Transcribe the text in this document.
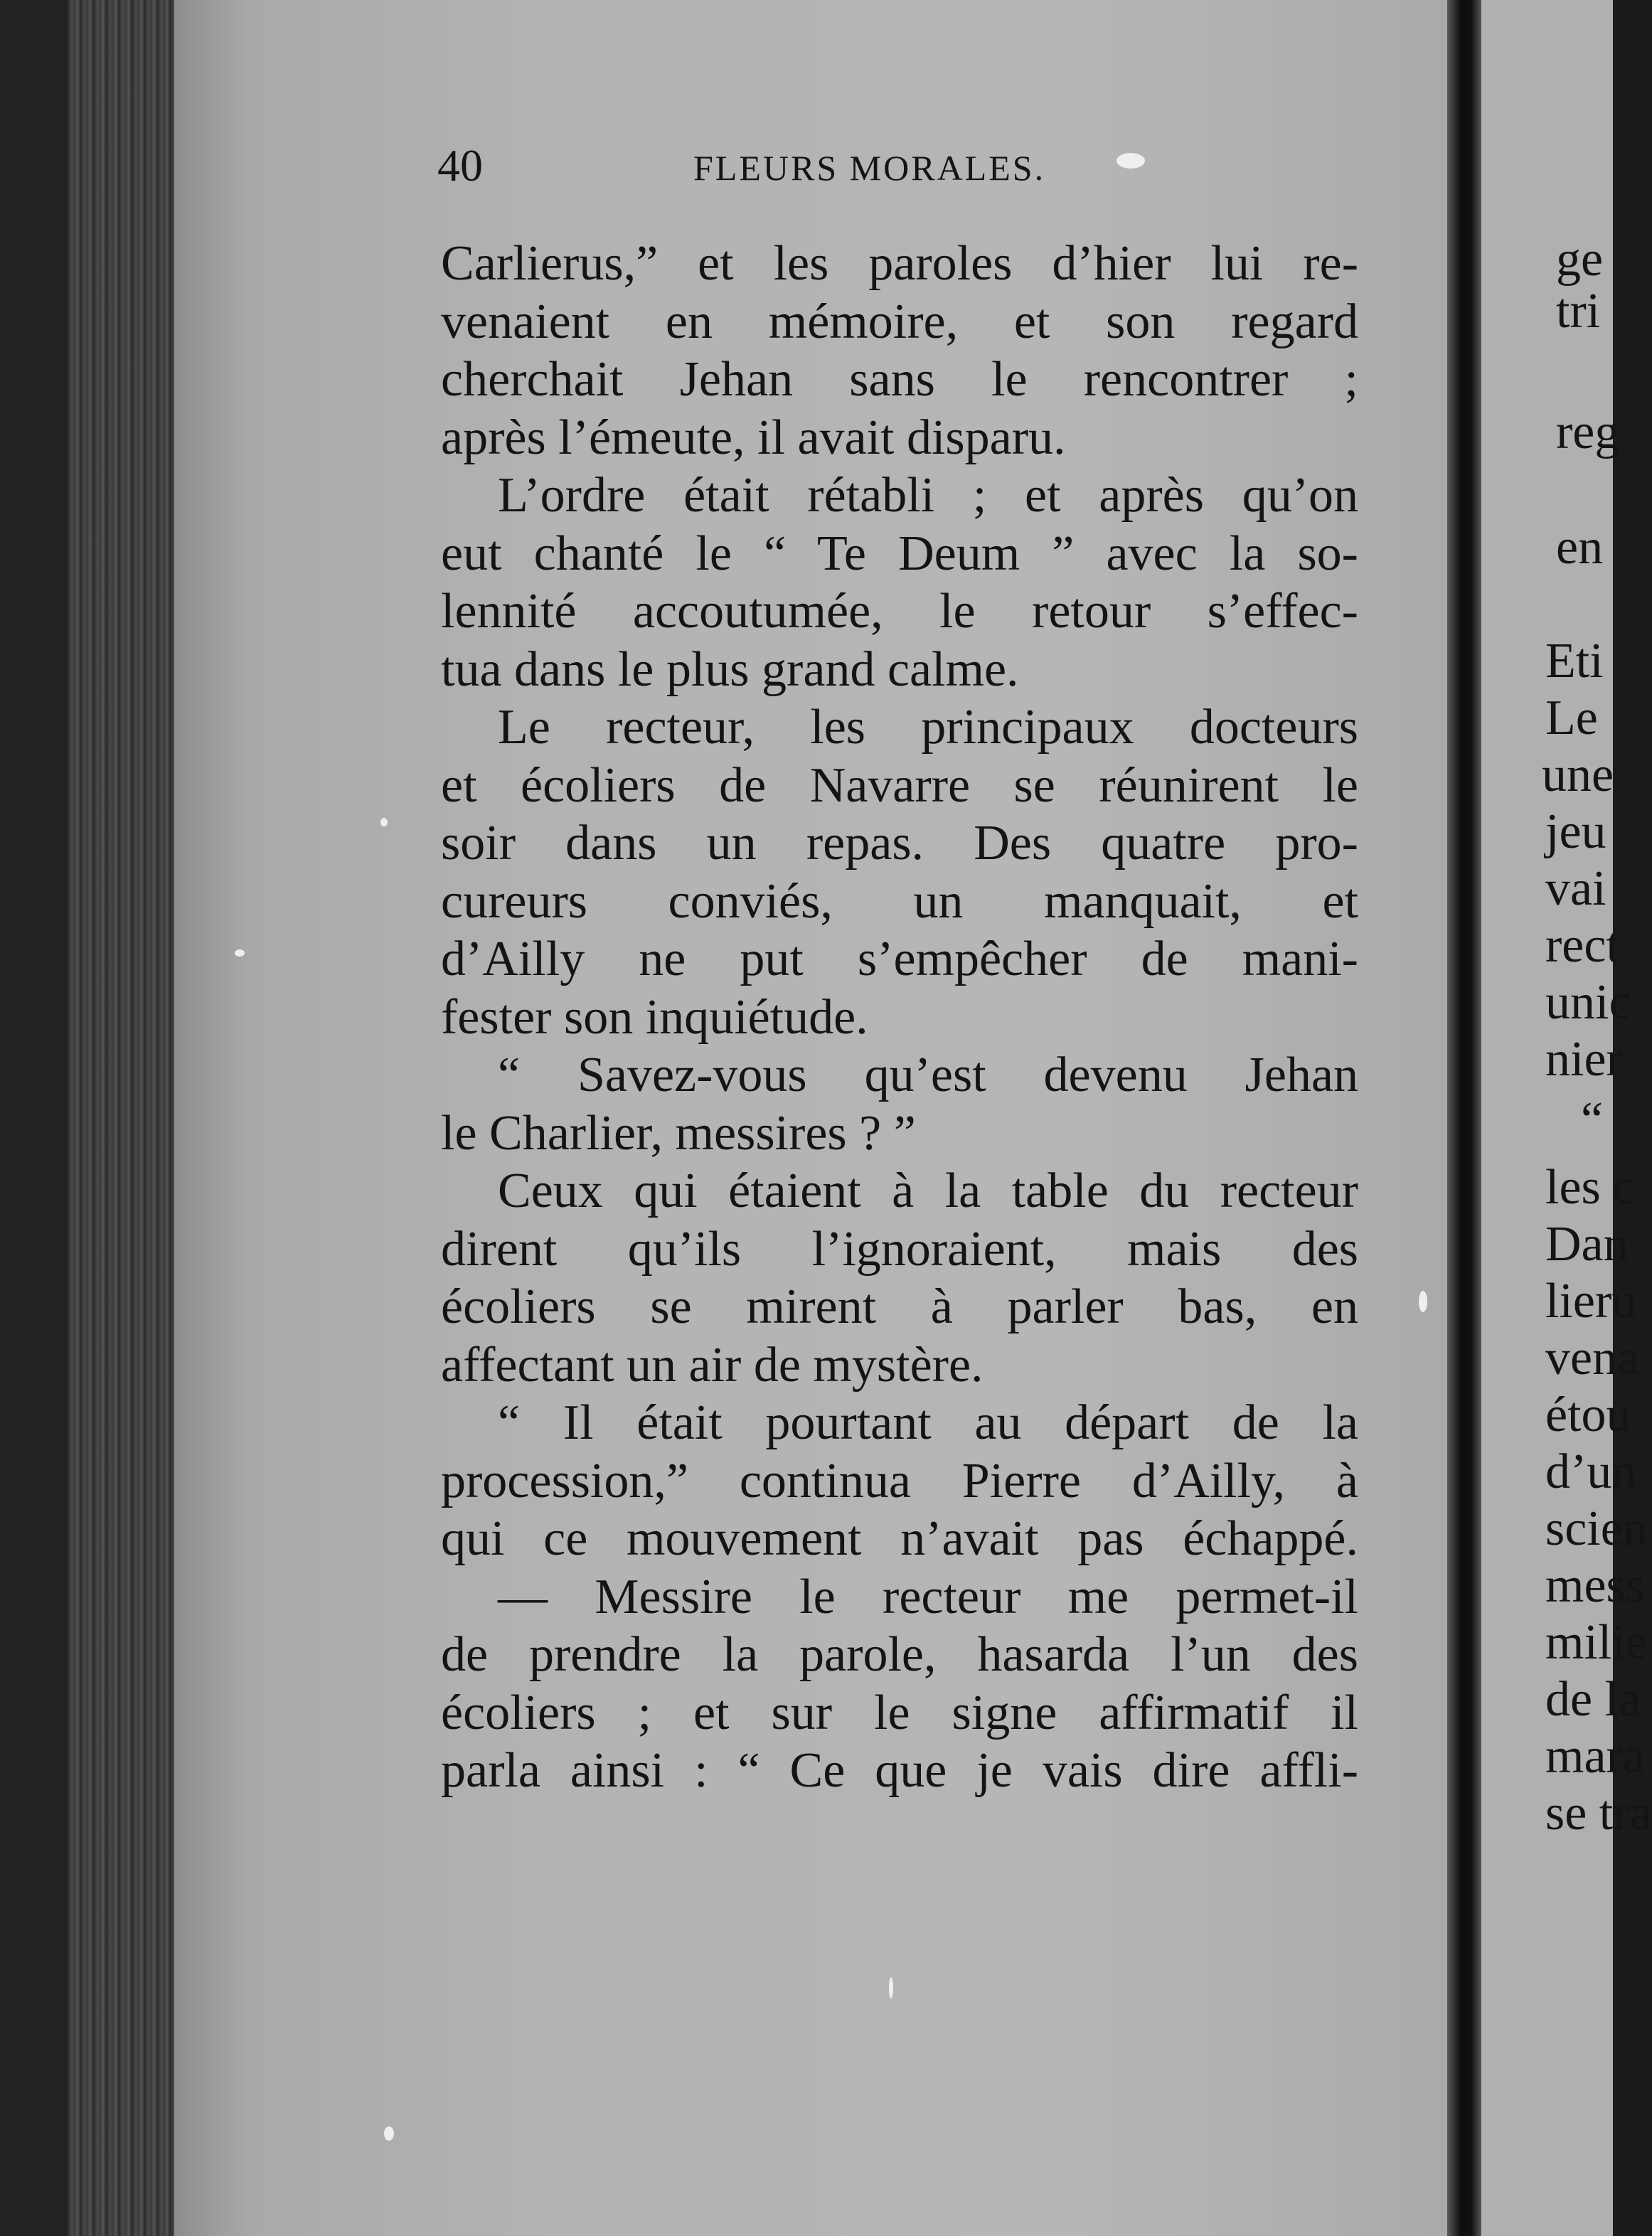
40	FLEURS MORALES.
Carlierus,” et les paroles d’hier lui re-
venaient en mémoire, et son regard
cherchait Jehan sans le rencontrer ;
après l’émeute, il avait disparu.
L’ordre était rétabli ; et après qu’on
eut chanté le “ Te Deum ” avec la so-
lennité accoutumée, le retour s’effec-
tua dans le plus grand calme.
Le recteur, les principaux docteurs
et écoliers de Navarre se réunirent le
soir dans un repas. Des quatre pro-
cureurs conviés, un manquait, et
d’Ailly ne put s’empêcher de mani-
fester son inquiétude.
“ Savez-vous qu’est devenu Jehan
le Charlier, messires ? ”
Ceux qui étaient à la table du recteur
dirent qu’ils l’ignoraient, mais des
écoliers se mirent à parler bas, en
affectant un air de mystère.
“ Il était pourtant au départ de la
procession,” continua Pierre d’Ailly, à
qui ce mouvement n’avait pas échappé.
— Messire le recteur me permet-il
de prendre la parole, hasarda l’un des
écoliers ; et sur le signe affirmatif il
parla ainsi : “ Ce que je vais dire affli-
ge
tri
reg
en
Eti
Le
une
jeu
vai
rect
unic
nier
“
les c
Dan
lieru
vena
étou
d’un
scien
mess
milie
de la
mara
se tra
